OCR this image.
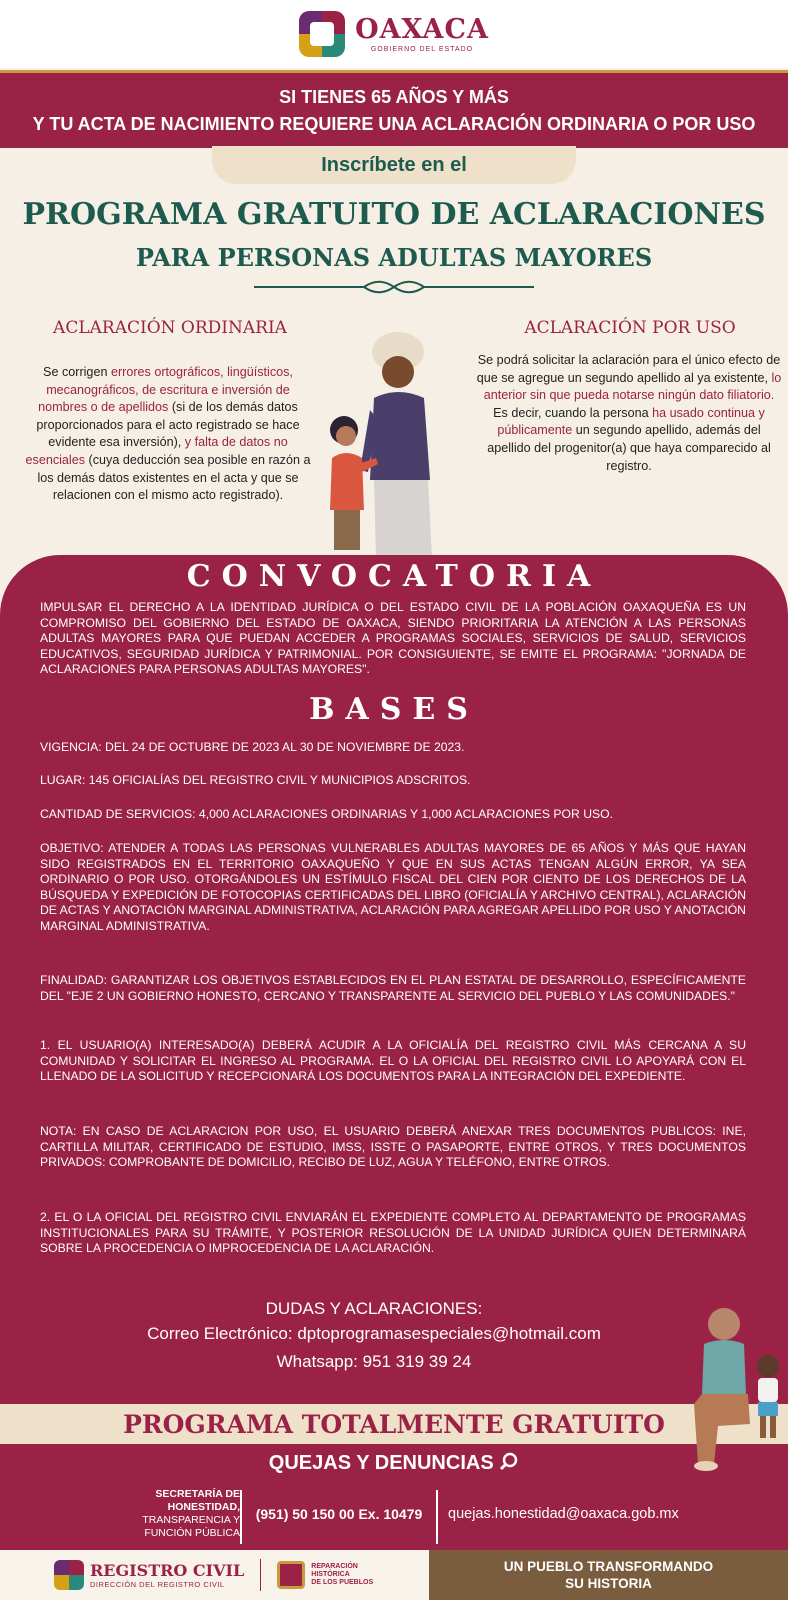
OAXACA
GOBIERNO DEL ESTADO
SI TIENES 65 AÑOS Y MÁS
Y TU ACTA DE NACIMIENTO REQUIERE UNA ACLARACIÓN ORDINARIA O POR USO
Inscríbete en el
PROGRAMA GRATUITO DE ACLARACIONES
PARA PERSONAS ADULTAS MAYORES
ACLARACIÓN ORDINARIA
Se corrigen errores ortográficos, lingüísticos, mecanográficos, de escritura e inversión de nombres o de apellidos (si de los demás datos proporcionados para el acto registrado se hace evidente esa inversión), y falta de datos no esenciales (cuya deducción sea posible en razón a los demás datos existentes en el acta y que se relacionen con el mismo acto registrado).
ACLARACIÓN POR USO
Se podrá solicitar la aclaración para el único efecto de que se agregue un segundo apellido al ya existente, lo anterior sin que pueda notarse ningún dato filiatorio. Es decir, cuando la persona ha usado continua y públicamente un segundo apellido, además del apellido del progenitor(a) que haya comparecido al registro.
CONVOCATORIA
IMPULSAR EL DERECHO A LA IDENTIDAD JURÍDICA O DEL ESTADO CIVIL DE LA POBLACIÓN OAXAQUEÑA ES UN COMPROMISO DEL GOBIERNO DEL ESTADO DE OAXACA, SIENDO PRIORITARIA LA ATENCIÓN A LAS PERSONAS ADULTAS MAYORES PARA QUE PUEDAN ACCEDER A PROGRAMAS SOCIALES, SERVICIOS DE SALUD, SERVICIOS EDUCATIVOS, SEGURIDAD JURÍDICA Y PATRIMONIAL. POR CONSIGUIENTE, SE EMITE EL PROGRAMA: "JORNADA DE ACLARACIONES PARA PERSONAS ADULTAS MAYORES".
BASES
VIGENCIA: DEL 24 DE OCTUBRE DE 2023 AL 30 DE NOVIEMBRE DE 2023.
LUGAR: 145 OFICIALÍAS DEL REGISTRO CIVIL Y MUNICIPIOS ADSCRITOS.
CANTIDAD DE SERVICIOS: 4,000 ACLARACIONES ORDINARIAS Y 1,000 ACLARACIONES POR USO.
OBJETIVO: ATENDER A TODAS LAS PERSONAS VULNERABLES ADULTAS MAYORES DE 65 AÑOS Y MÁS QUE HAYAN SIDO REGISTRADOS EN EL TERRITORIO OAXAQUEÑO Y QUE EN SUS ACTAS TENGAN ALGÚN ERROR, YA SEA ORDINARIO O POR USO. OTORGÁNDOLES UN ESTÍMULO FISCAL DEL CIEN POR CIENTO DE LOS DERECHOS DE LA BÚSQUEDA Y EXPEDICIÓN DE FOTOCOPIAS CERTIFICADAS DEL LIBRO (OFICIALÍA Y ARCHIVO CENTRAL), ACLARACIÓN DE ACTAS Y ANOTACIÓN MARGINAL ADMINISTRATIVA, ACLARACIÓN PARA AGREGAR APELLIDO POR USO Y ANOTACIÓN MARGINAL ADMINISTRATIVA.
FINALIDAD: GARANTIZAR LOS OBJETIVOS ESTABLECIDOS EN EL PLAN ESTATAL DE DESARROLLO, ESPECÍFICAMENTE DEL "EJE 2 UN GOBIERNO HONESTO, CERCANO Y TRANSPARENTE AL SERVICIO DEL PUEBLO Y LAS COMUNIDADES."
1. EL USUARIO(A) INTERESADO(A) DEBERÁ ACUDIR A LA OFICIALÍA DEL REGISTRO CIVIL MÁS CERCANA A SU COMUNIDAD Y SOLICITAR EL INGRESO AL PROGRAMA. EL O LA OFICIAL DEL REGISTRO CIVIL LO APOYARÁ CON EL LLENADO DE LA SOLICITUD Y RECEPCIONARÁ LOS DOCUMENTOS PARA LA INTEGRACIÓN DEL EXPEDIENTE.
NOTA: EN CASO DE ACLARACION POR USO, EL USUARIO DEBERÁ ANEXAR TRES DOCUMENTOS PUBLICOS: INE, CARTILLA MILITAR, CERTIFICADO DE ESTUDIO, IMSS, ISSTE O PASAPORTE, ENTRE OTROS, Y TRES DOCUMENTOS PRIVADOS: COMPROBANTE DE DOMICILIO, RECIBO DE LUZ, AGUA Y TELÉFONO, ENTRE OTROS.
2. EL O LA OFICIAL DEL REGISTRO CIVIL ENVIARÁN EL EXPEDIENTE COMPLETO AL DEPARTAMENTO DE PROGRAMAS INSTITUCIONALES PARA SU TRÁMITE, Y POSTERIOR RESOLUCIÓN DE LA UNIDAD JURÍDICA QUIEN DETERMINARÁ SOBRE LA PROCEDENCIA O IMPROCEDENCIA DE LA ACLARACIÓN.
DUDAS Y ACLARACIONES:
Correo Electrónico: dptoprogramasespeciales@hotmail.com
Whatsapp: 951 319 39 24
PROGRAMA TOTALMENTE GRATUITO
QUEJAS Y DENUNCIAS
SECRETARÍA DE
HONESTIDAD,
TRANSPARENCIA Y
FUNCIÓN PÚBLICA
(951) 50 150 00 Ex. 10479	quejas.honestidad@oaxaca.gob.mx
REGISTRO CIVIL
DIRECCIÓN DEL REGISTRO CIVIL
REPARACIÓN
HISTÓRICA
DE LOS PUEBLOS
UN PUEBLO TRANSFORMANDO
SU HISTORIA
